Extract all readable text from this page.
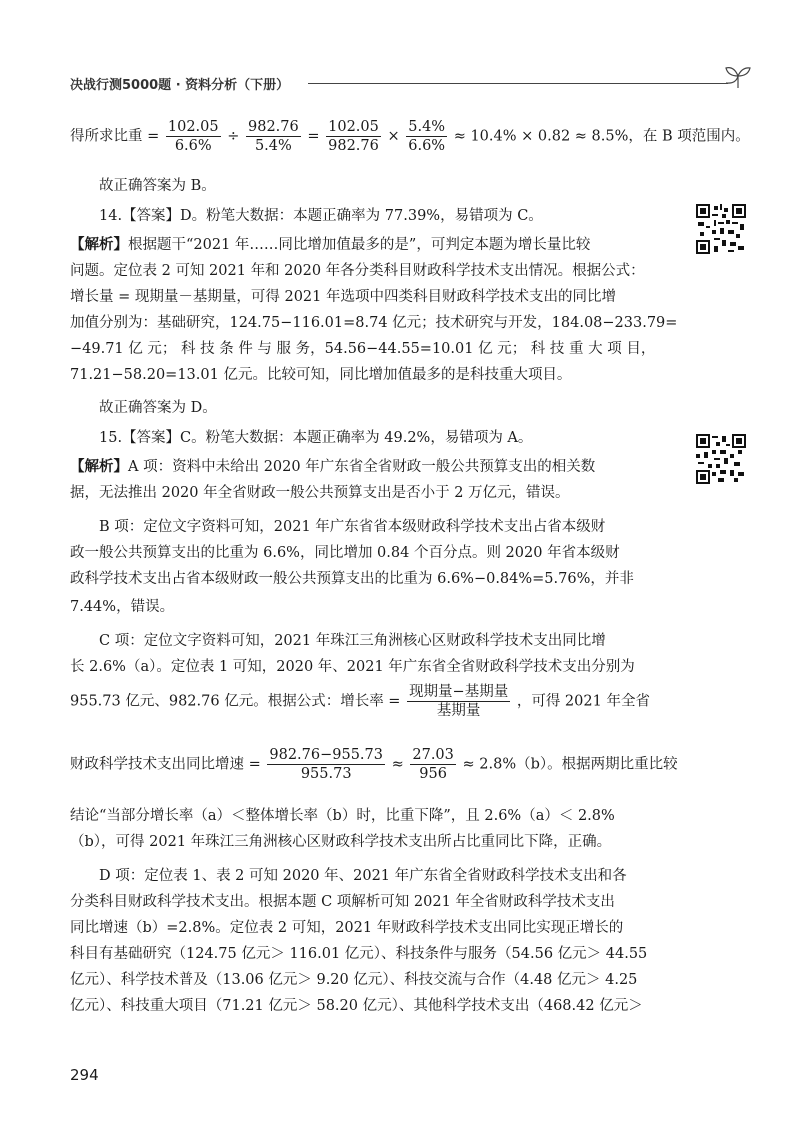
决战行测5000题 · 资料分析（下册）
得所求比重 = $\frac{102.05}{6.6\%} \div \frac{982.76}{5.4\%} = \frac{102.05}{982.76} \times \frac{5.4\%}{6.6\%} \approx 10.4\% \times 0.82 \approx 8.5\%$，在 B 项范围内。
故正确答案为 B。
14.【答案】D。粉笔大数据：本题正确率为 77.39%，易错项为 C。
【解析】根据题干“2021 年……同比增加值最多的是”，可判定本题为增长量比较
问题。定位表 2 可知 2021 年和 2020 年各分类科目财政科学技术支出情况。根据公式：
增长量 = 现期量－基期量，可得 2021 年选项中四类科目财政科学技术支出的同比增
加值分别为：基础研究，124.75−116.01=8.74 亿元；技术研究与开发，184.08−233.79=
−49.71 亿 元； 科 技 条 件 与 服 务，54.56−44.55=10.01 亿 元； 科 技 重 大 项 目，
71.21−58.20=13.01 亿元。比较可知，同比增加值最多的是科技重大项目。
故正确答案为 D。
15.【答案】C。粉笔大数据：本题正确率为 49.2%，易错项为 A。
【解析】A 项：资料中未给出 2020 年广东省全省财政一般公共预算支出的相关数
据，无法推出 2020 年全省财政一般公共预算支出是否小于 2 万亿元，错误。
B 项：定位文字资料可知，2021 年广东省省本级财政科学技术支出占省本级财
政一般公共预算支出的比重为 6.6%，同比增加 0.84 个百分点。则 2020 年省本级财
政科学技术支出占省本级财政一般公共预算支出的比重为 6.6%−0.84%=5.76%，并非
7.44%，错误。
C 项：定位文字资料可知，2021 年珠江三角洲核心区财政科学技术支出同比增
长 2.6%（a）。定位表 1 可知，2020 年、2021 年广东省全省财政科学技术支出分别为
955.73 亿元、982.76 亿元。根据公式：增长率 = $\frac{\text{现期量−基期量}}{\text{基期量}}$ ，可得 2021 年全省
财政科学技术支出同比增速 = $\frac{982.76-955.73}{955.73} \approx \frac{27.03}{956} \approx 2.8\%(b)$。根据两期比重比较
结论“当部分增长率（a）＜整体增长率（b）时，比重下降”，且 2.6%（a）＜ 2.8%
（b），可得 2021 年珠江三角洲核心区财政科学技术支出所占比重同比下降，正确。
D 项：定位表 1、表 2 可知 2020 年、2021 年广东省全省财政科学技术支出和各
分类科目财政科学技术支出。根据本题 C 项解析可知 2021 年全省财政科学技术支出
同比增速（b）=2.8%。定位表 2 可知，2021 年财政科学技术支出同比实现正增长的
科目有基础研究（124.75 亿元＞ 116.01 亿元）、科技条件与服务（54.56 亿元＞ 44.55
亿元）、科学技术普及（13.06 亿元＞ 9.20 亿元）、科技交流与合作（4.48 亿元＞ 4.25
亿元）、科技重大项目（71.21 亿元＞ 58.20 亿元）、其他科学技术支出（468.42 亿元＞
294
